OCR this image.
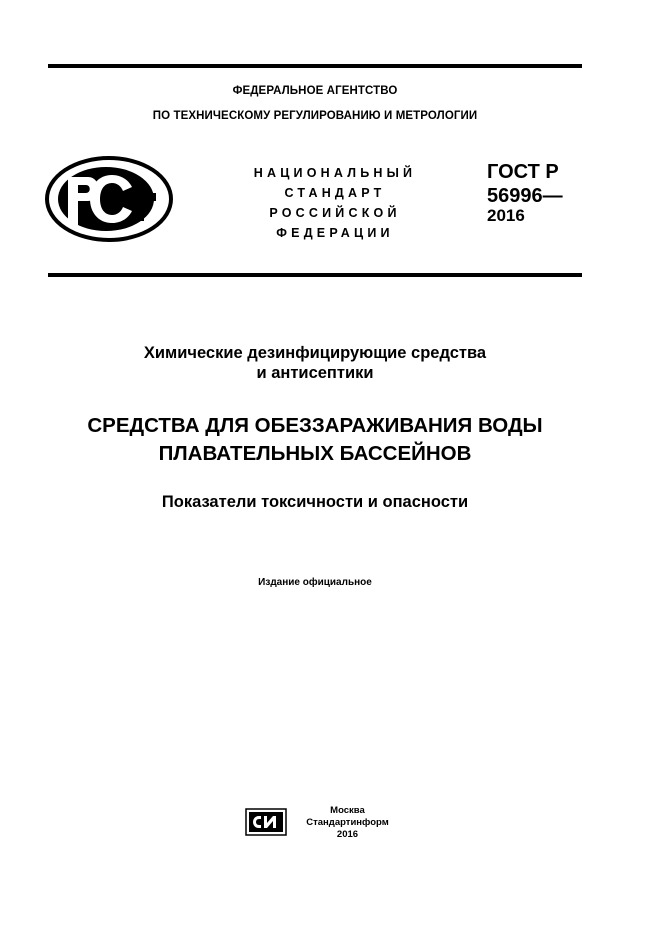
ФЕДЕРАЛЬНОЕ АГЕНТСТВО
ПО ТЕХНИЧЕСКОМУ РЕГУЛИРОВАНИЮ И МЕТРОЛОГИИ
НАЦИОНАЛЬНЫЙ
СТАНДАРТ
РОССИЙСКОЙ
ФЕДЕРАЦИИ
ГОСТ Р
56996—
2016
Химические дезинфицирующие средства
и антисептики
СРЕДСТВА ДЛЯ ОБЕЗЗАРАЖИВАНИЯ ВОДЫ
ПЛАВАТЕЛЬНЫХ БАССЕЙНОВ
Показатели токсичности и опасности
Издание официальное
Москва
Стандартинформ
2016
